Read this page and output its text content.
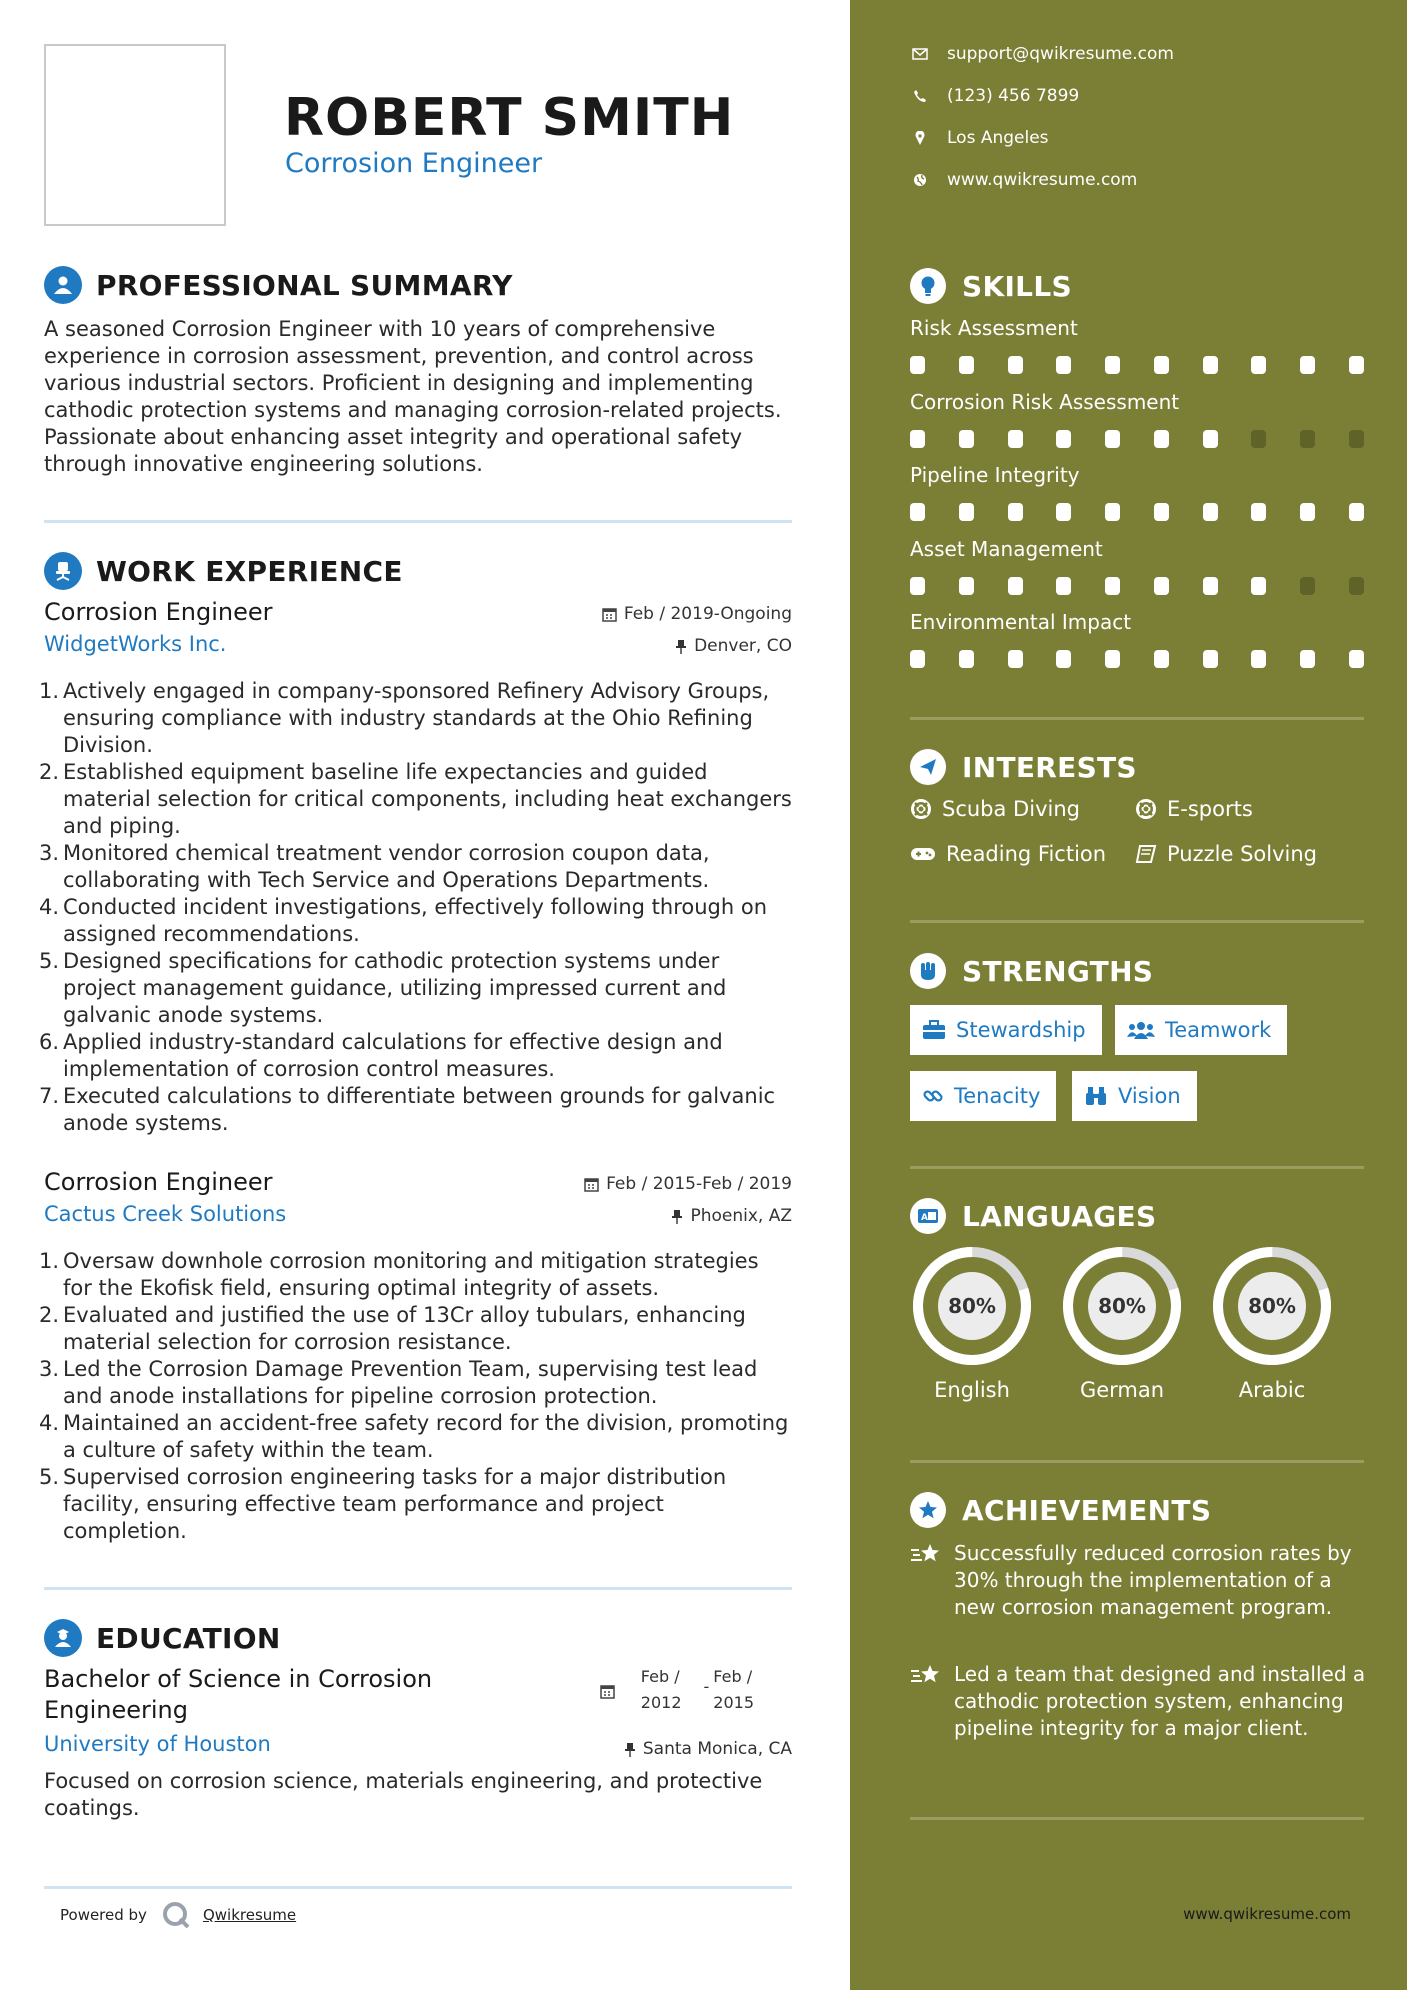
ROBERT SMITH
Corrosion Engineer
PROFESSIONAL SUMMARY
A seasoned Corrosion Engineer with 10 years of comprehensive experience in corrosion assessment, prevention, and control across various industrial sectors. Proficient in designing and implementing cathodic protection systems and managing corrosion-related projects. Passionate about enhancing asset integrity and operational safety through innovative engineering solutions.
WORK EXPERIENCE
Corrosion Engineer	Feb / 2019-Ongoing
WidgetWorks Inc.	Denver, CO
1. Actively engaged in company-sponsored Refinery Advisory Groups, ensuring compliance with industry standards at the Ohio Refining Division.
2. Established equipment baseline life expectancies and guided material selection for critical components, including heat exchangers and piping.
3. Monitored chemical treatment vendor corrosion coupon data, collaborating with Tech Service and Operations Departments.
4. Conducted incident investigations, effectively following through on assigned recommendations.
5. Designed specifications for cathodic protection systems under project management guidance, utilizing impressed current and galvanic anode systems.
6. Applied industry-standard calculations for effective design and implementation of corrosion control measures.
7. Executed calculations to differentiate between grounds for galvanic anode systems.
Corrosion Engineer	Feb / 2015-Feb / 2019
Cactus Creek Solutions	Phoenix, AZ
1. Oversaw downhole corrosion monitoring and mitigation strategies for the Ekofisk field, ensuring optimal integrity of assets.
2. Evaluated and justified the use of 13Cr alloy tubulars, enhancing material selection for corrosion resistance.
3. Led the Corrosion Damage Prevention Team, supervising test lead and anode installations for pipeline corrosion protection.
4. Maintained an accident-free safety record for the division, promoting a culture of safety within the team.
5. Supervised corrosion engineering tasks for a major distribution facility, ensuring effective team performance and project completion.
EDUCATION
Bachelor of Science in Corrosion Engineering
Feb /
2012
-
Feb /
2015
University of Houston	Santa Monica, CA
Focused on corrosion science, materials engineering, and protective coatings.
Powered by	Qwikresume
support@qwikresume.com
(123) 456 7899
Los Angeles
www.qwikresume.com
SKILLS
Risk Assessment
Corrosion Risk Assessment
Pipeline Integrity
Asset Management
Environmental Impact
INTERESTS
Scuba Diving	E-sports
Reading Fiction	Puzzle Solving
STRENGTHS
Stewardship	Teamwork
Tenacity	Vision
A LANGUAGES
80%
English
80%
German
80%
Arabic
ACHIEVEMENTS
Successfully reduced corrosion rates by 30% through the implementation of a new corrosion management program.
Led a team that designed and installed a cathodic protection system, enhancing pipeline integrity for a major client.
www.qwikresume.com
